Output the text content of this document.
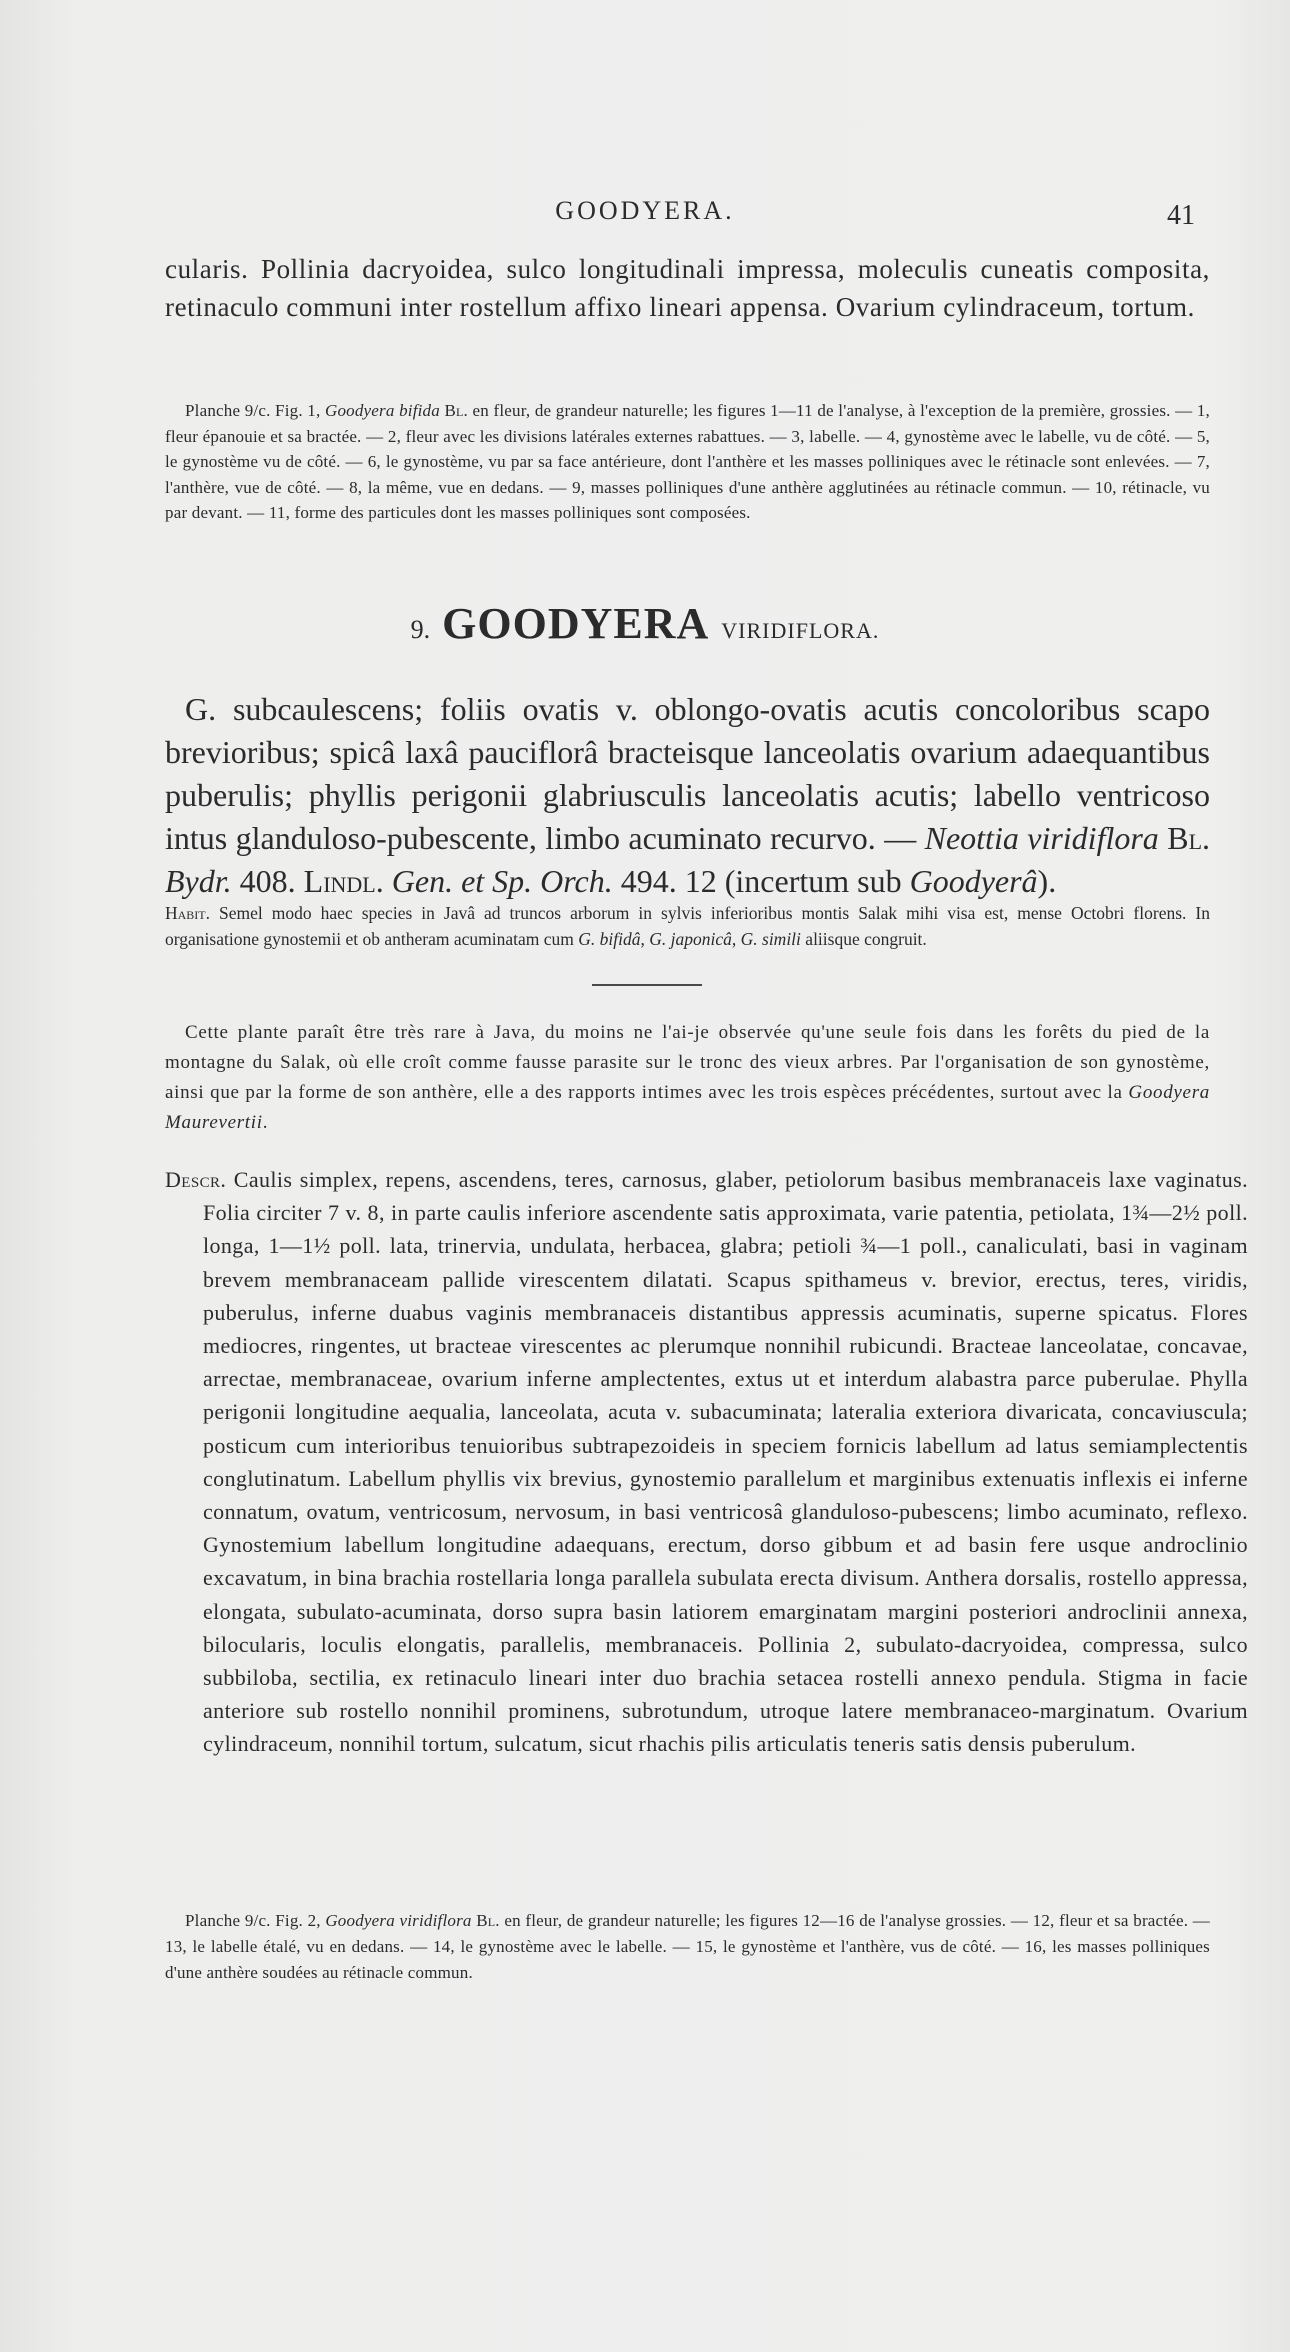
GOODYERA.	41
cularis. Pollinia dacryoidea, sulco longitudinali impressa, moleculis cuneatis composita, retinaculo communi inter rostellum affixo lineari appensa. Ovarium cylindraceum, tortum.
Planche 9/c. Fig. 1, Goodyera bifida Bl. en fleur, de grandeur naturelle; les figures 1—11 de l'analyse, à l'exception de la première, grossies. — 1, fleur épanouie et sa bractée. — 2, fleur avec les divisions latérales externes rabattues. — 3, labelle. — 4, gynostème avec le labelle, vu de côté. — 5, le gynostème vu de côté. — 6, le gynostème, vu par sa face antérieure, dont l'anthère et les masses polliniques avec le rétinacle sont enlevées. — 7, l'anthère, vue de côté. — 8, la même, vue en dedans. — 9, masses polliniques d'une anthère agglutinées au rétinacle commun. — 10, rétinacle, vu par devant. — 11, forme des particules dont les masses polliniques sont composées.
9. GOODYERA VIRIDIFLORA.
G. subcaulescens; foliis ovatis v. oblongo-ovatis acutis concoloribus scapo brevioribus; spicâ laxâ pauciflorâ bracteisque lanceolatis ovarium adaequantibus puberulis; phyllis perigonii glabriusculis lanceolatis acutis; labello ventricoso intus glanduloso-pubescente, limbo acuminato recurvo. — Neottia viridiflora Bl. Bydr. 408. Lindl. Gen. et Sp. Orch. 494. 12 (incertum sub Goodyerâ).
Habit. Semel modo haec species in Javâ ad truncos arborum in sylvis inferioribus montis Salak mihi visa est, mense Octobri florens. In organisatione gynostemii et ob antheram acuminatam cum G. bifidâ, G. japonicâ, G. simili aliisque congruit.
Cette plante paraît être très rare à Java, du moins ne l'ai-je observée qu'une seule fois dans les forêts du pied de la montagne du Salak, où elle croît comme fausse parasite sur le tronc des vieux arbres. Par l'organisation de son gynostème, ainsi que par la forme de son anthère, elle a des rapports intimes avec les trois espèces précédentes, surtout avec la Goodyera Maurevertii.
Descr. Caulis simplex, repens, ascendens, teres, carnosus, glaber, petiolorum basibus membranaceis laxe vaginatus. Folia circiter 7 v. 8, in parte caulis inferiore ascendente satis approximata, varie patentia, petiolata, 1¾—2½ poll. longa, 1—1½ poll. lata, trinervia, undulata, herbacea, glabra; petioli ¾—1 poll., canaliculati, basi in vaginam brevem membranaceam pallide virescentem dilatati. Scapus spithameus v. brevior, erectus, teres, viridis, puberulus, inferne duabus vaginis membranaceis distantibus appressis acuminatis, superne spicatus. Flores mediocres, ringentes, ut bracteae virescentes ac plerumque nonnihil rubicundi. Bracteae lanceolatae, concavae, arrectae, membranaceae, ovarium inferne amplectentes, extus ut et interdum alabastra parce puberulae. Phylla perigonii longitudine aequalia, lanceolata, acuta v. subacuminata; lateralia exteriora divaricata, concaviuscula; posticum cum interioribus tenuioribus subtrapezoideis in speciem fornicis labellum ad latus semiamplectentis conglutinatum. Labellum phyllis vix brevius, gynostemio parallelum et marginibus extenuatis inflexis ei inferne connatum, ovatum, ventricosum, nervosum, in basi ventricosâ glanduloso-pubescens; limbo acuminato, reflexo. Gynostemium labellum longitudine adaequans, erectum, dorso gibbum et ad basin fere usque androclinio excavatum, in bina brachia rostellaria longa parallela subulata erecta divisum. Anthera dorsalis, rostello appressa, elongata, subulato-acuminata, dorso supra basin latiorem emarginatam margini posteriori androclinii annexa, bilocularis, loculis elongatis, parallelis, membranaceis. Pollinia 2, subulato-dacryoidea, compressa, sulco subbiloba, sectilia, ex retinaculo lineari inter duo brachia setacea rostelli annexo pendula. Stigma in facie anteriore sub rostello nonnihil prominens, subrotundum, utroque latere membranaceo-marginatum. Ovarium cylindraceum, nonnihil tortum, sulcatum, sicut rhachis pilis articulatis teneris satis densis puberulum.
Planche 9/c. Fig. 2, Goodyera viridiflora Bl. en fleur, de grandeur naturelle; les figures 12—16 de l'analyse grossies. — 12, fleur et sa bractée. — 13, le labelle étalé, vu en dedans. — 14, le gynostème avec le labelle. — 15, le gynostème et l'anthère, vus de côté. — 16, les masses polliniques d'une anthère soudées au rétinacle commun.
